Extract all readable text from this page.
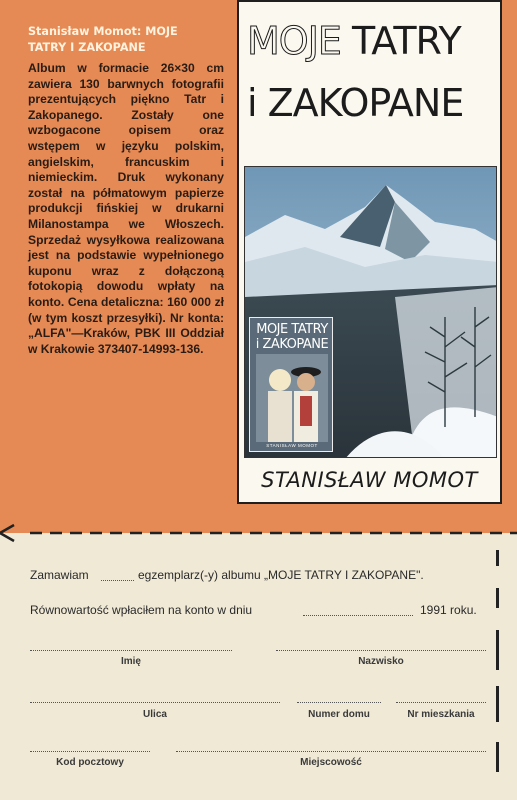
Stanisław Momot: MOJE
TATRY I ZAKOPANE
Album w formacie 26×30 cm zawiera 130 barwnych fotografii prezentujących piękno Tatr i Zakopanego. Zostały one wzbogacone opisem oraz wstępem w języku polskim, angielskim, francuskim i niemieckim. Druk wykonany został na półmatowym papierze produkcji fińskiej w drukarni Milanostampa we Włoszech. Sprzedaż wysyłkowa realizowana jest na podstawie wypełnionego kuponu wraz z dołączoną fotokopią dowodu wpłaty na konto. Cena detaliczna: 160 000 zł (w tym koszt przesyłki). Nr konta: „ALFA"—Kraków, PBK III Oddział w Krakowie 373407-14993-136.
MOJE TATRY
i ZAKOPANE
MOJE TATRY
i ZAKOPANE
STANISŁAW MOMOT
STANISŁAW MOMOT
Zamawiam	egzemplarz(-y) albumu „MOJE TATRY I ZAKOPANE".
Równowartość wpłaciłem na konto w dniu	1991 roku.
Imię	Nazwisko
Ulica	Numer domu	Nr mieszkania
Kod pocztowy	Miejscowość
